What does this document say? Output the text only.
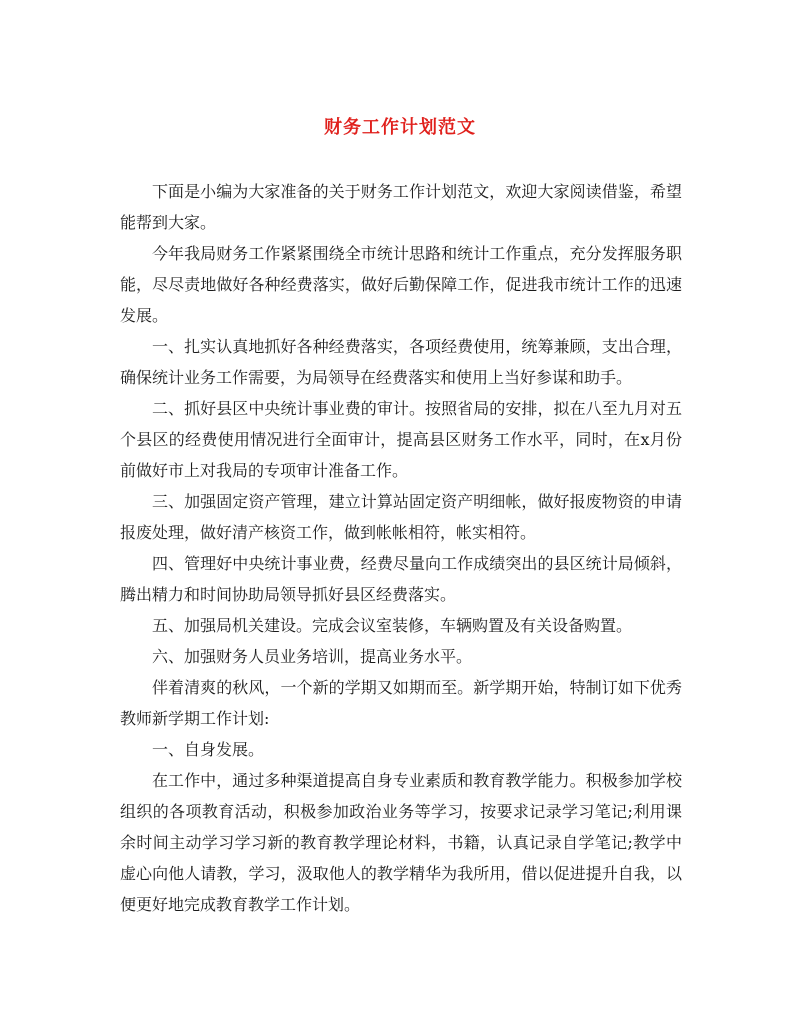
财务工作计划范文

下面是小编为大家准备的关于财务工作计划范文，欢迎大家阅读借鉴，希望能帮到大家。

今年我局财务工作紧紧围绕全市统计思路和统计工作重点，充分发挥服务职能，尽尽责地做好各种经费落实，做好后勤保障工作，促进我市统计工作的迅速发展。

一、扎实认真地抓好各种经费落实，各项经费使用，统筹兼顾，支出合理，确保统计业务工作需要，为局领导在经费落实和使用上当好参谋和助手。

二、抓好县区中央统计事业费的审计。按照省局的安排，拟在八至九月对五个县区的经费使用情况进行全面审计，提高县区财务工作水平，同时，在x月份前做好市上对我局的专项审计准备工作。

三、加强固定资产管理，建立计算站固定资产明细帐，做好报废物资的申请报废处理，做好清产核资工作，做到帐帐相符，帐实相符。

四、管理好中央统计事业费，经费尽量向工作成绩突出的县区统计局倾斜，腾出精力和时间协助局领导抓好县区经费落实。

五、加强局机关建设。完成会议室装修，车辆购置及有关设备购置。

六、加强财务人员业务培训，提高业务水平。

伴着清爽的秋风，一个新的学期又如期而至。新学期开始，特制订如下优秀教师新学期工作计划:

一、自身发展。

在工作中，通过多种渠道提高自身专业素质和教育教学能力。积极参加学校组织的各项教育活动，积极参加政治业务等学习，按要求记录学习笔记;利用课余时间主动学习学习新的教育教学理论材料，书籍，认真记录自学笔记;教学中虚心向他人请教，学习，汲取他人的教学精华为我所用，借以促进提升自我，以便更好地完成教育教学工作计划。
